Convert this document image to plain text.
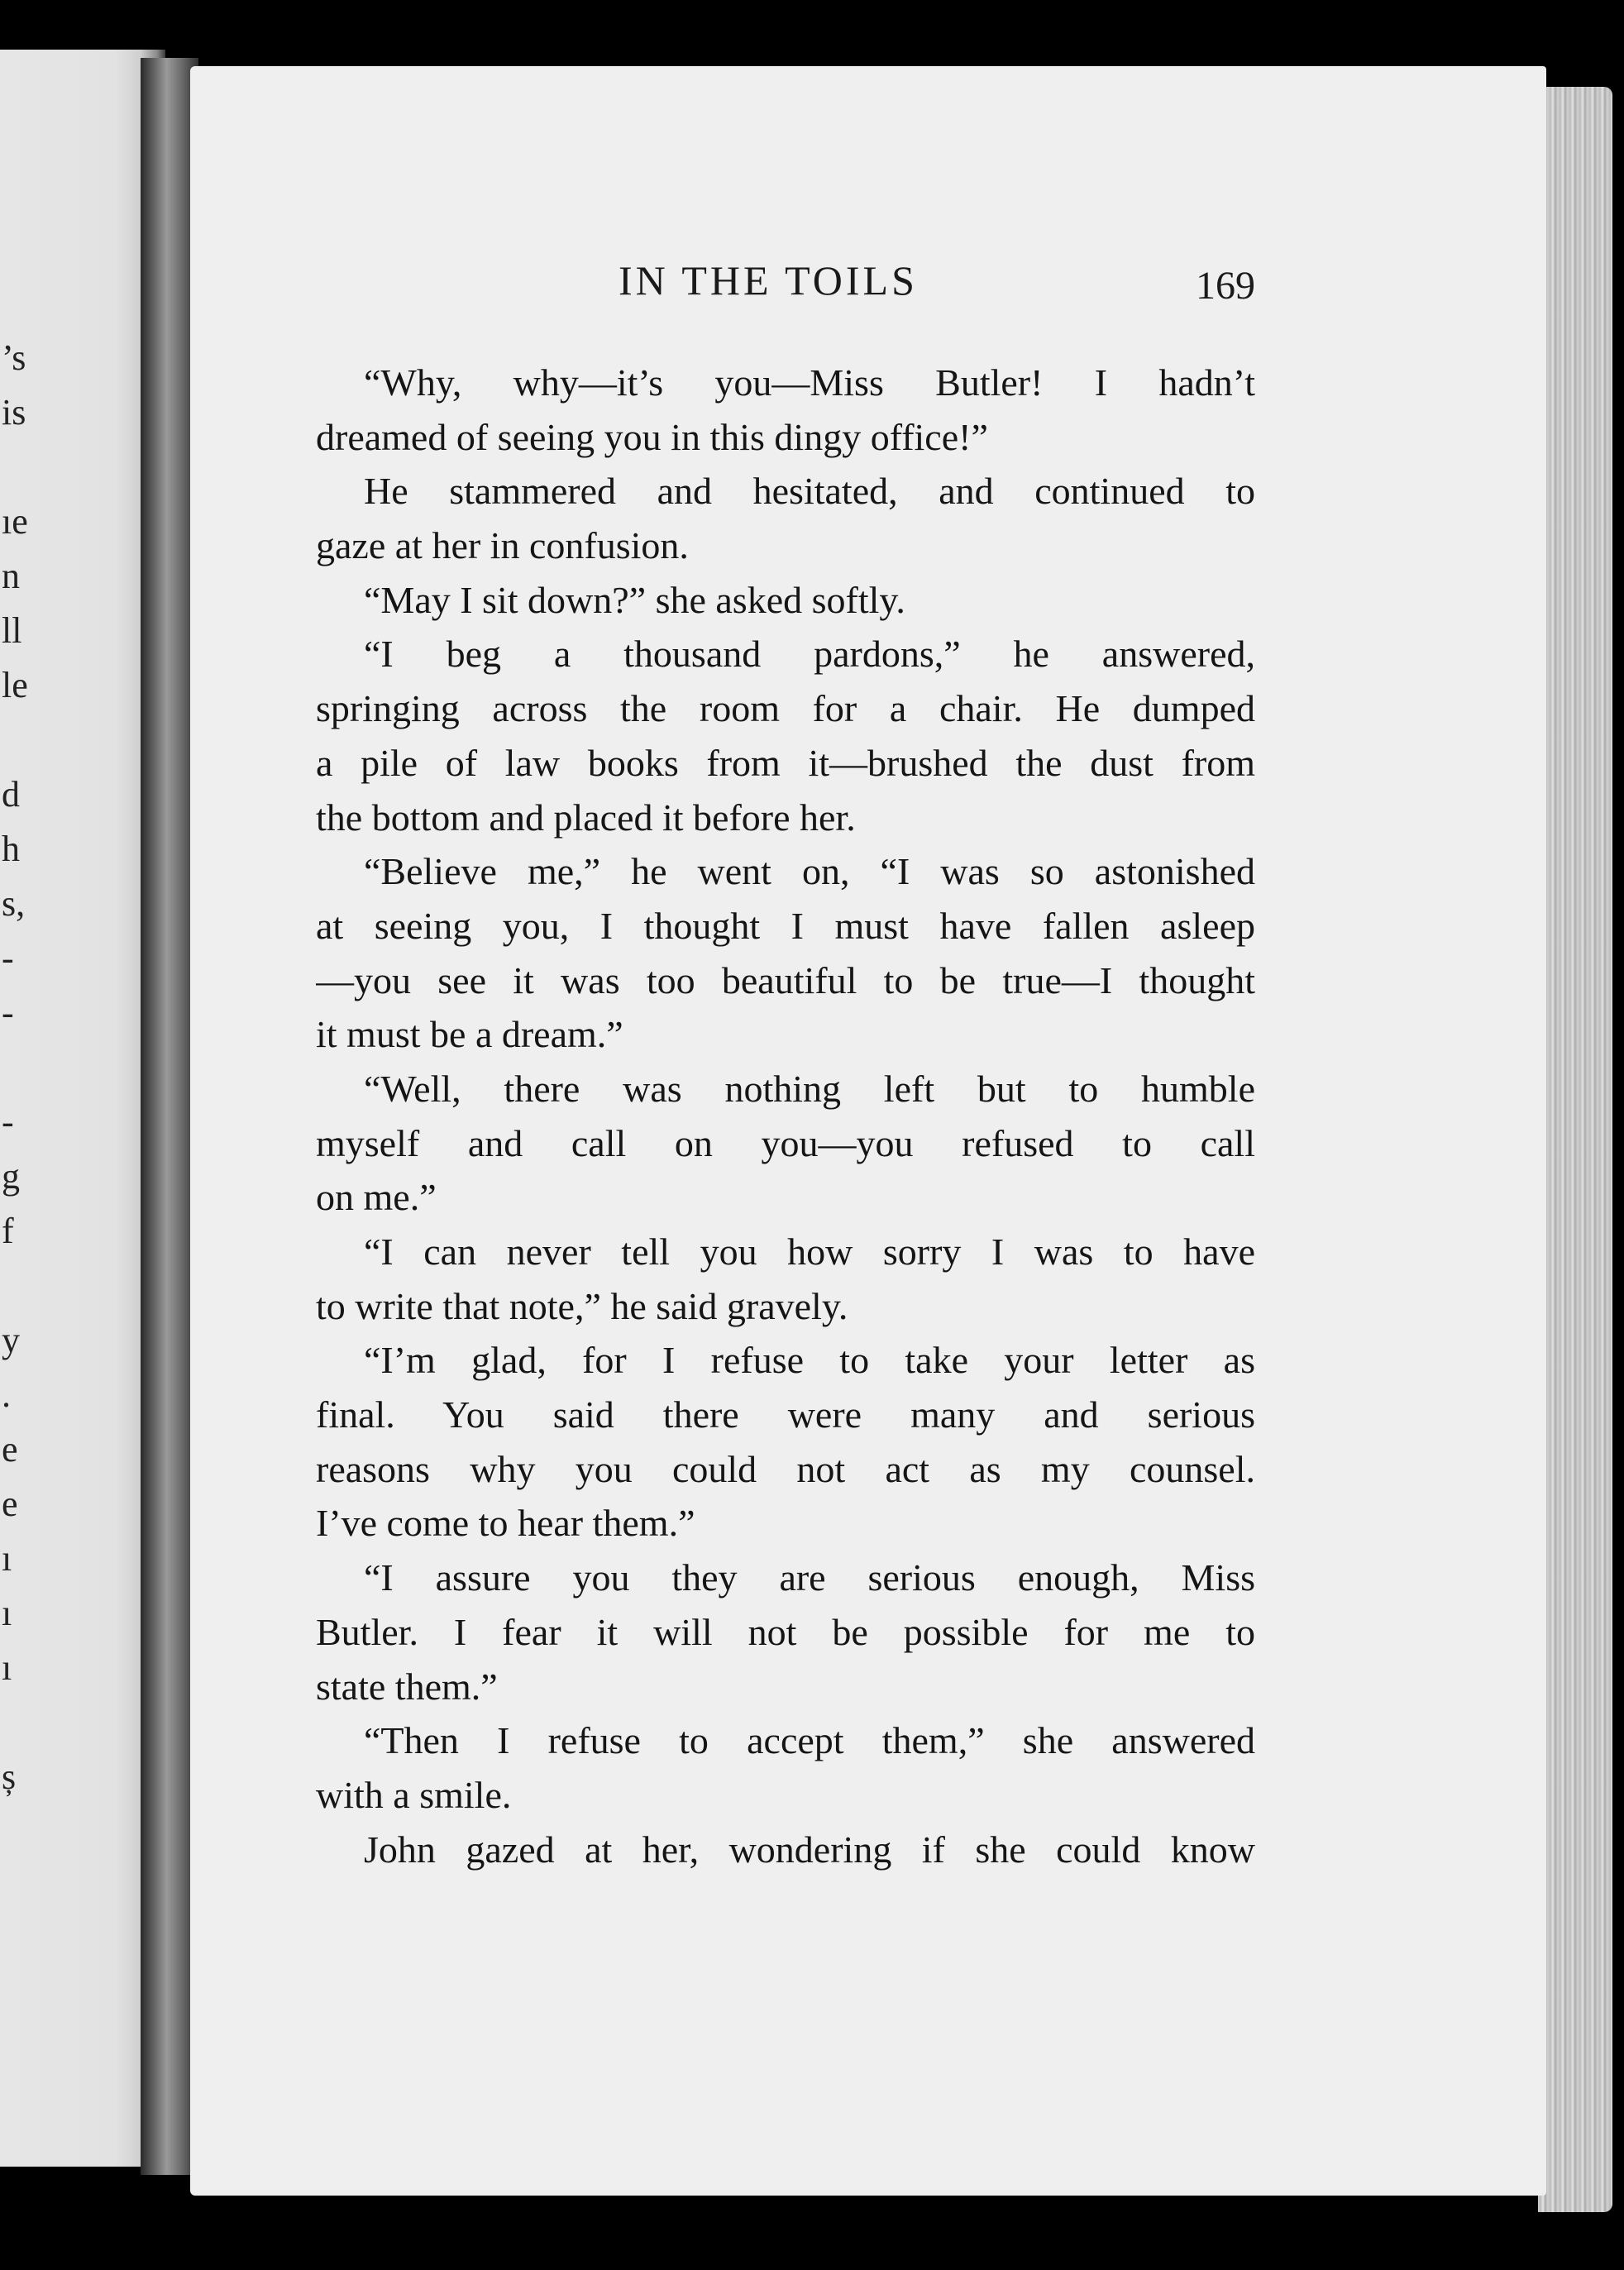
’s
is
ıe
n
ll
le
d
h
s,
-
-
-
g
f
y
.
e
e
ı
ı
ı
ș
IN THE TOILS	169
“Why, why—it’s you—Miss Butler! I hadn’t
dreamed of seeing you in this dingy office!”
He stammered and hesitated, and continued to
gaze at her in confusion.
“May I sit down?” she asked softly.
“I beg a thousand pardons,” he answered,
springing across the room for a chair. He dumped
a pile of law books from it—brushed the dust from
the bottom and placed it before her.
“Believe me,” he went on, “I was so astonished
at seeing you, I thought I must have fallen asleep
—you see it was too beautiful to be true—I thought
it must be a dream.”
“Well, there was nothing left but to humble
myself and call on you—you refused to call
on me.”
“I can never tell you how sorry I was to have
to write that note,” he said gravely.
“I’m glad, for I refuse to take your letter as
final. You said there were many and serious
reasons why you could not act as my counsel.
I’ve come to hear them.”
“I assure you they are serious enough, Miss
Butler. I fear it will not be possible for me to
state them.”
“Then I refuse to accept them,” she answered
with a smile.
John gazed at her, wondering if she could know
